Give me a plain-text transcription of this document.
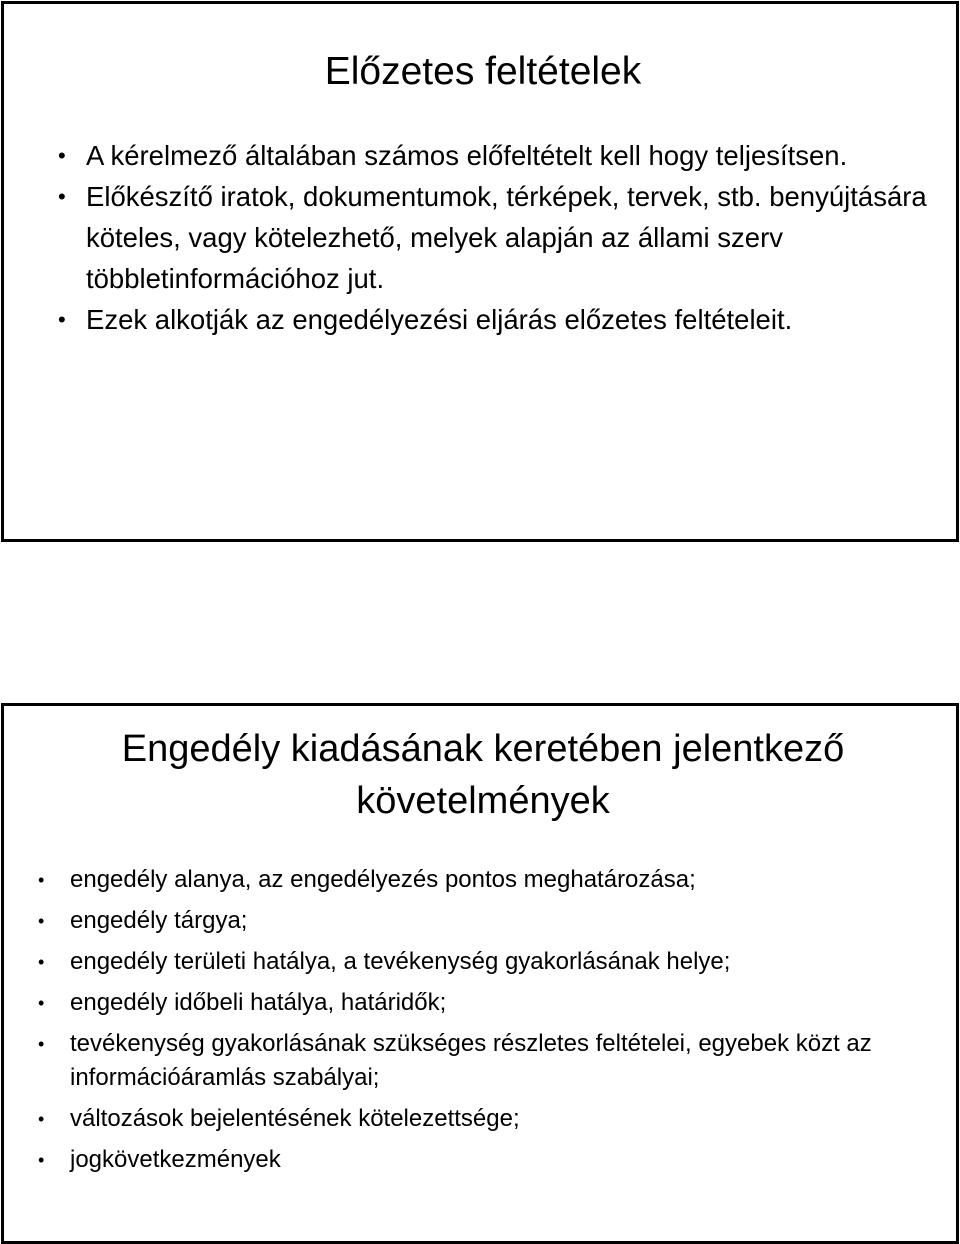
Előzetes feltételek
• A kérelmező általában számos előfeltételt kell hogy teljesítsen.
• Előkészítő iratok, dokumentumok, térképek, tervek, stb. benyújtására köteles, vagy kötelezhető, melyek alapján az állami szerv többletinformációhoz jut.
• Ezek alkotják az engedélyezési eljárás előzetes feltételeit.
Engedély kiadásának keretében jelentkező követelmények
• engedély alanya, az engedélyezés pontos meghatározása;
• engedély tárgya;
• engedély területi hatálya, a tevékenység gyakorlásának helye;
• engedély időbeli hatálya, határidők;
• tevékenység gyakorlásának szükséges részletes feltételei, egyebek közt az információáramlás szabályai;
• változások bejelentésének kötelezettsége;
• jogkövetkezmények
